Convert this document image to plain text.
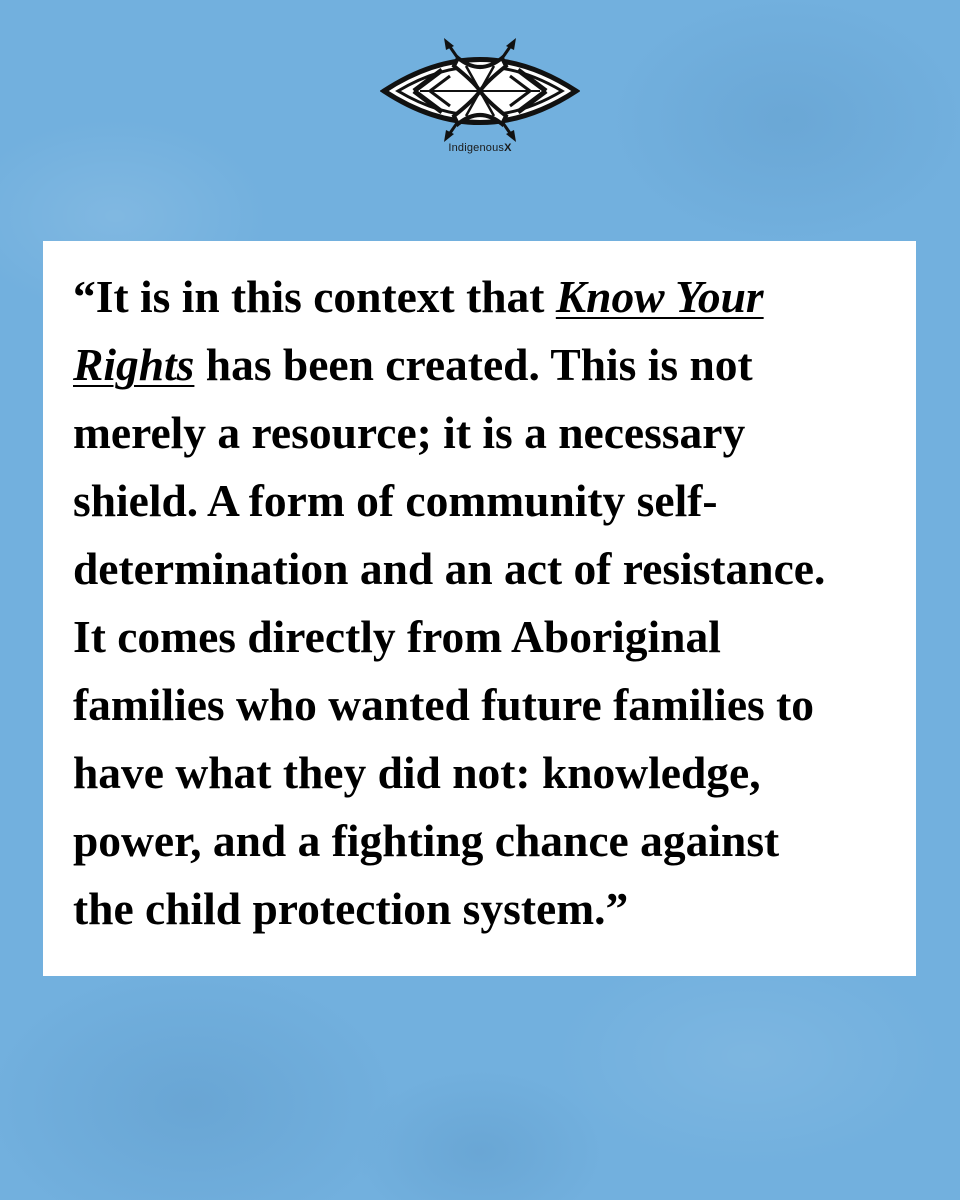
IndigenousX

“It is in this context that Know Your
Rights has been created. This is not
merely a resource; it is a necessary
shield. A form of community self-
determination and an act of resistance.
It comes directly from Aboriginal
families who wanted future families to
have what they did not: knowledge,
power, and a fighting chance against
the child protection system.”
